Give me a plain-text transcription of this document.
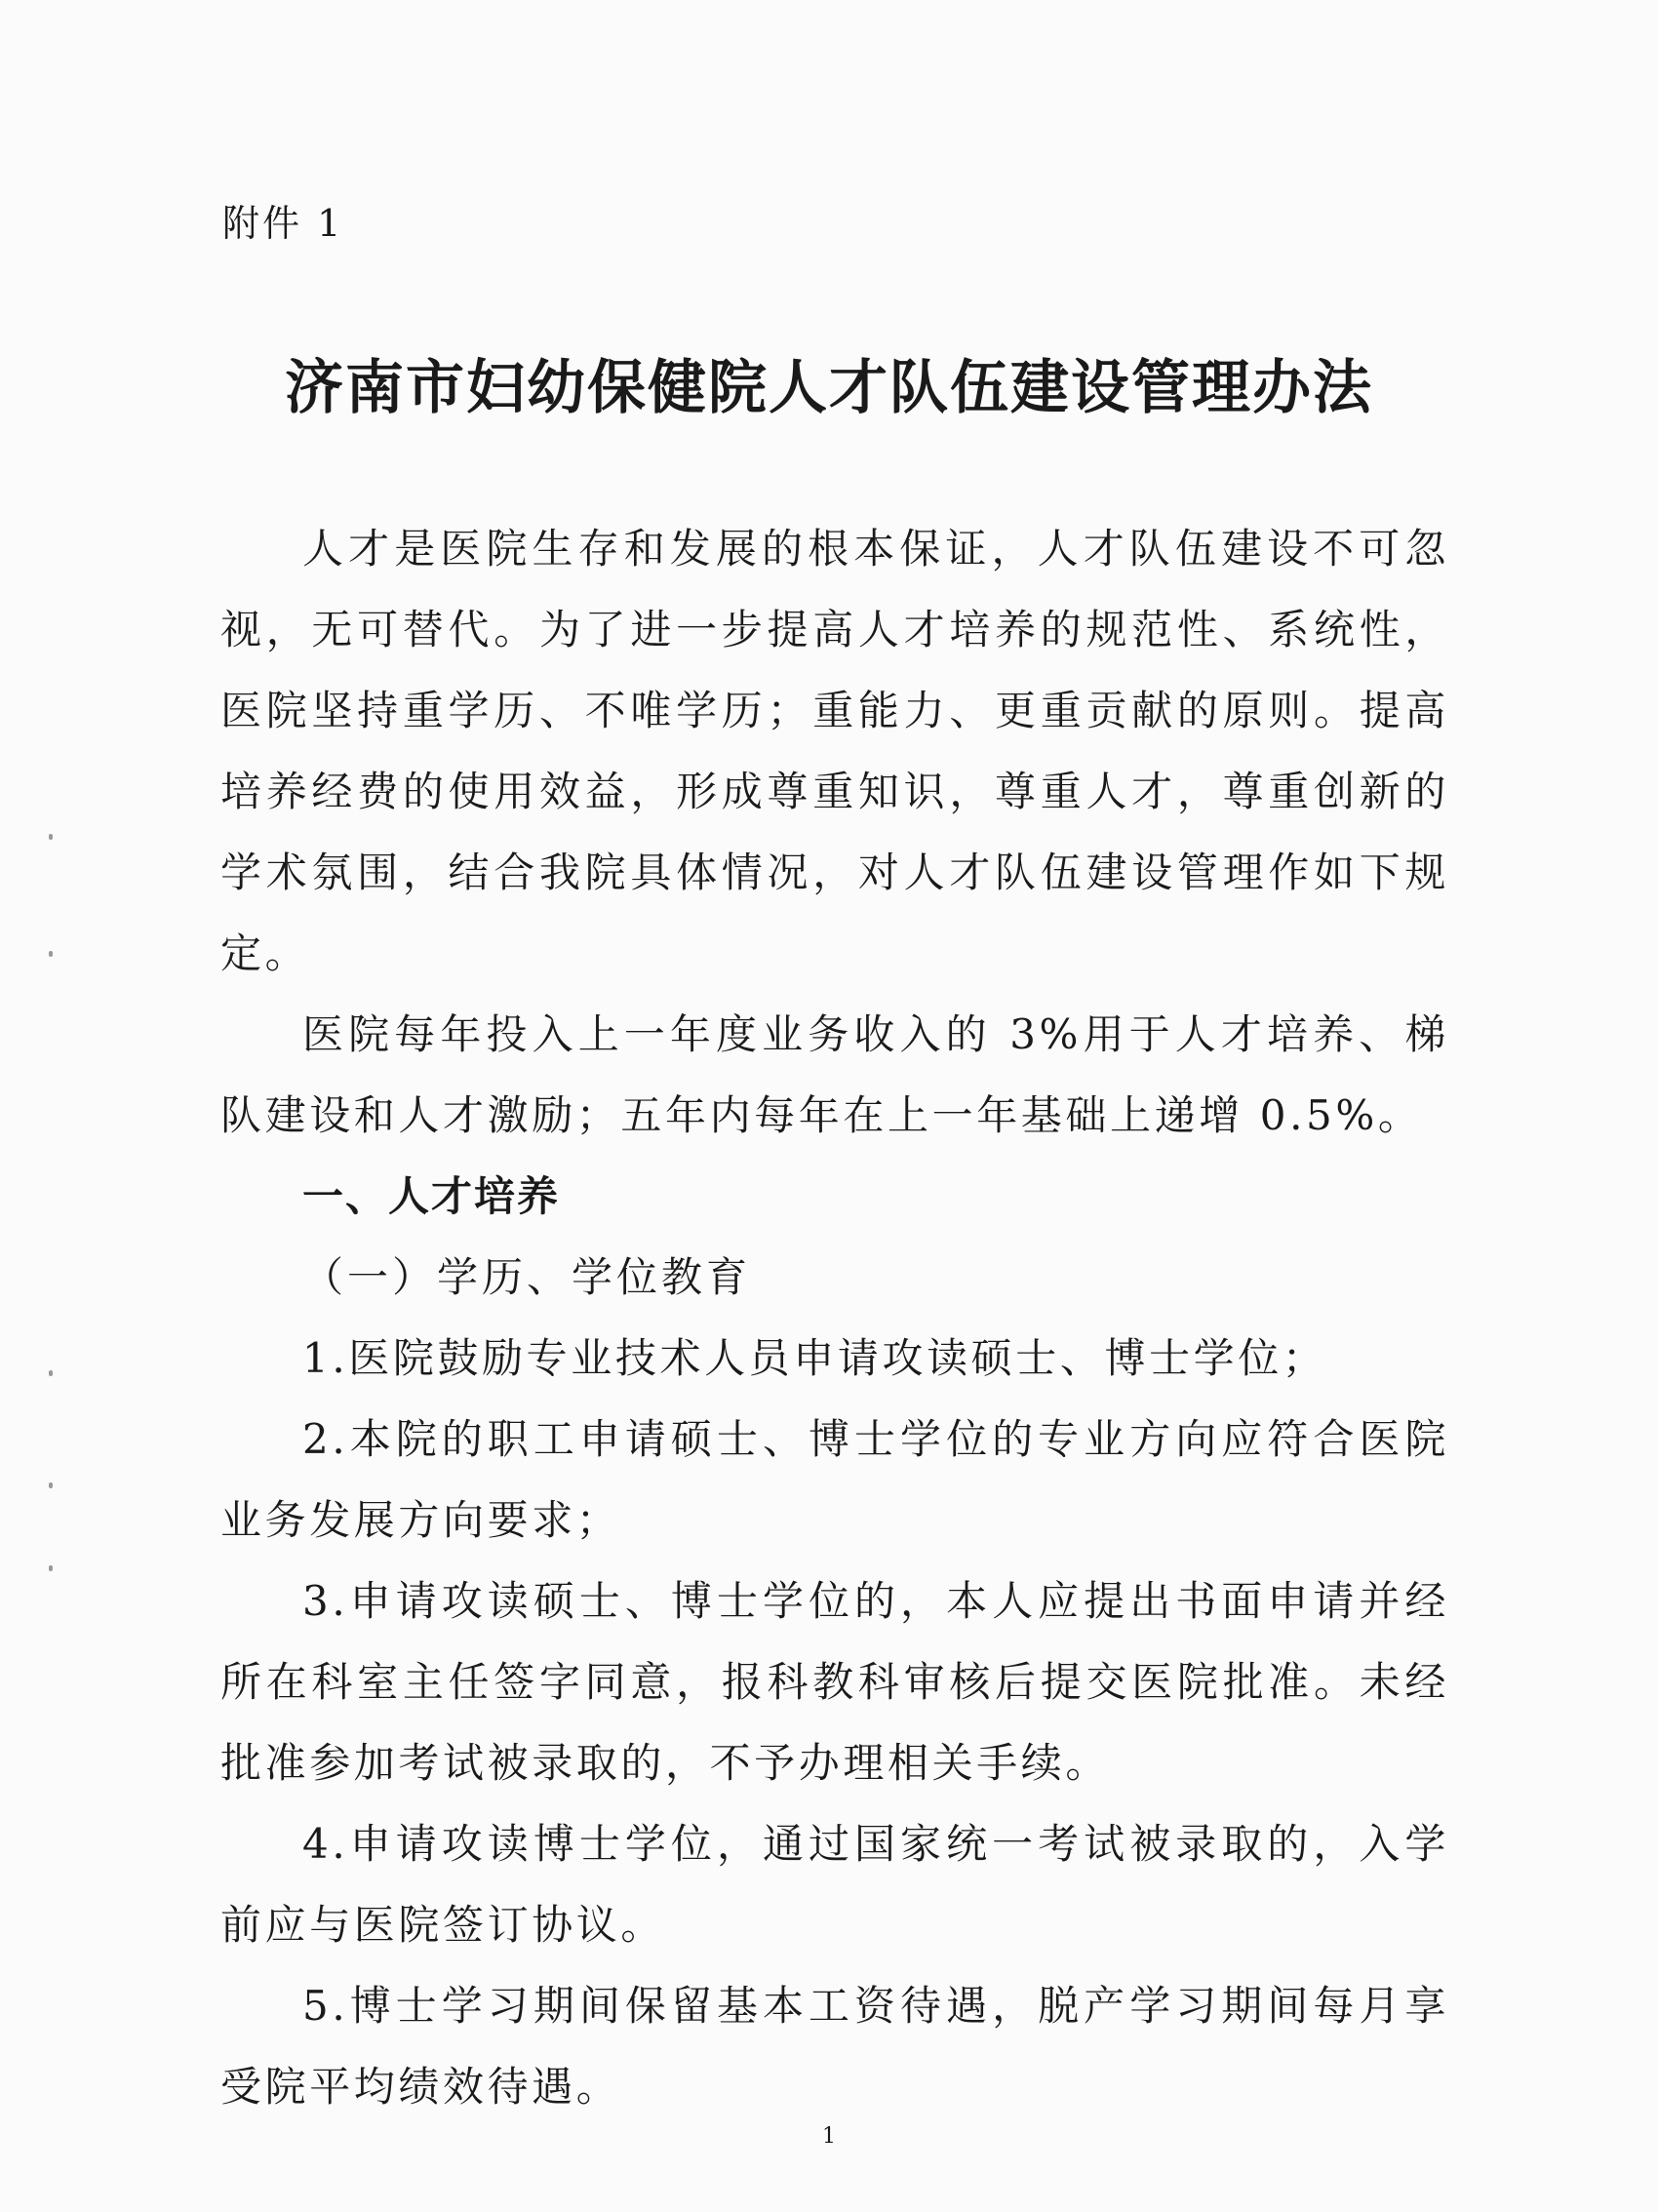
附件 1
济南市妇幼保健院人才队伍建设管理办法

人才是医院生存和发展的根本保证，人才队伍建设不可忽视，无可替代。为了进一步提高人才培养的规范性、系统性，医院坚持重学历、不唯学历；重能力、更重贡献的原则。提高培养经费的使用效益，形成尊重知识，尊重人才，尊重创新的学术氛围，结合我院具体情况，对人才队伍建设管理作如下规定。

医院每年投入上一年度业务收入的 3%用于人才培养、梯队建设和人才激励；五年内每年在上一年基础上递增 0.5%。

一、人才培养

（一）学历、学位教育

1.医院鼓励专业技术人员申请攻读硕士、博士学位；

2.本院的职工申请硕士、博士学位的专业方向应符合医院业务发展方向要求；

3.申请攻读硕士、博士学位的，本人应提出书面申请并经所在科室主任签字同意，报科教科审核后提交医院批准。未经批准参加考试被录取的，不予办理相关手续。

4.申请攻读博士学位，通过国家统一考试被录取的，入学前应与医院签订协议。

5.博士学习期间保留基本工资待遇，脱产学习期间每月享受院平均绩效待遇。

1
